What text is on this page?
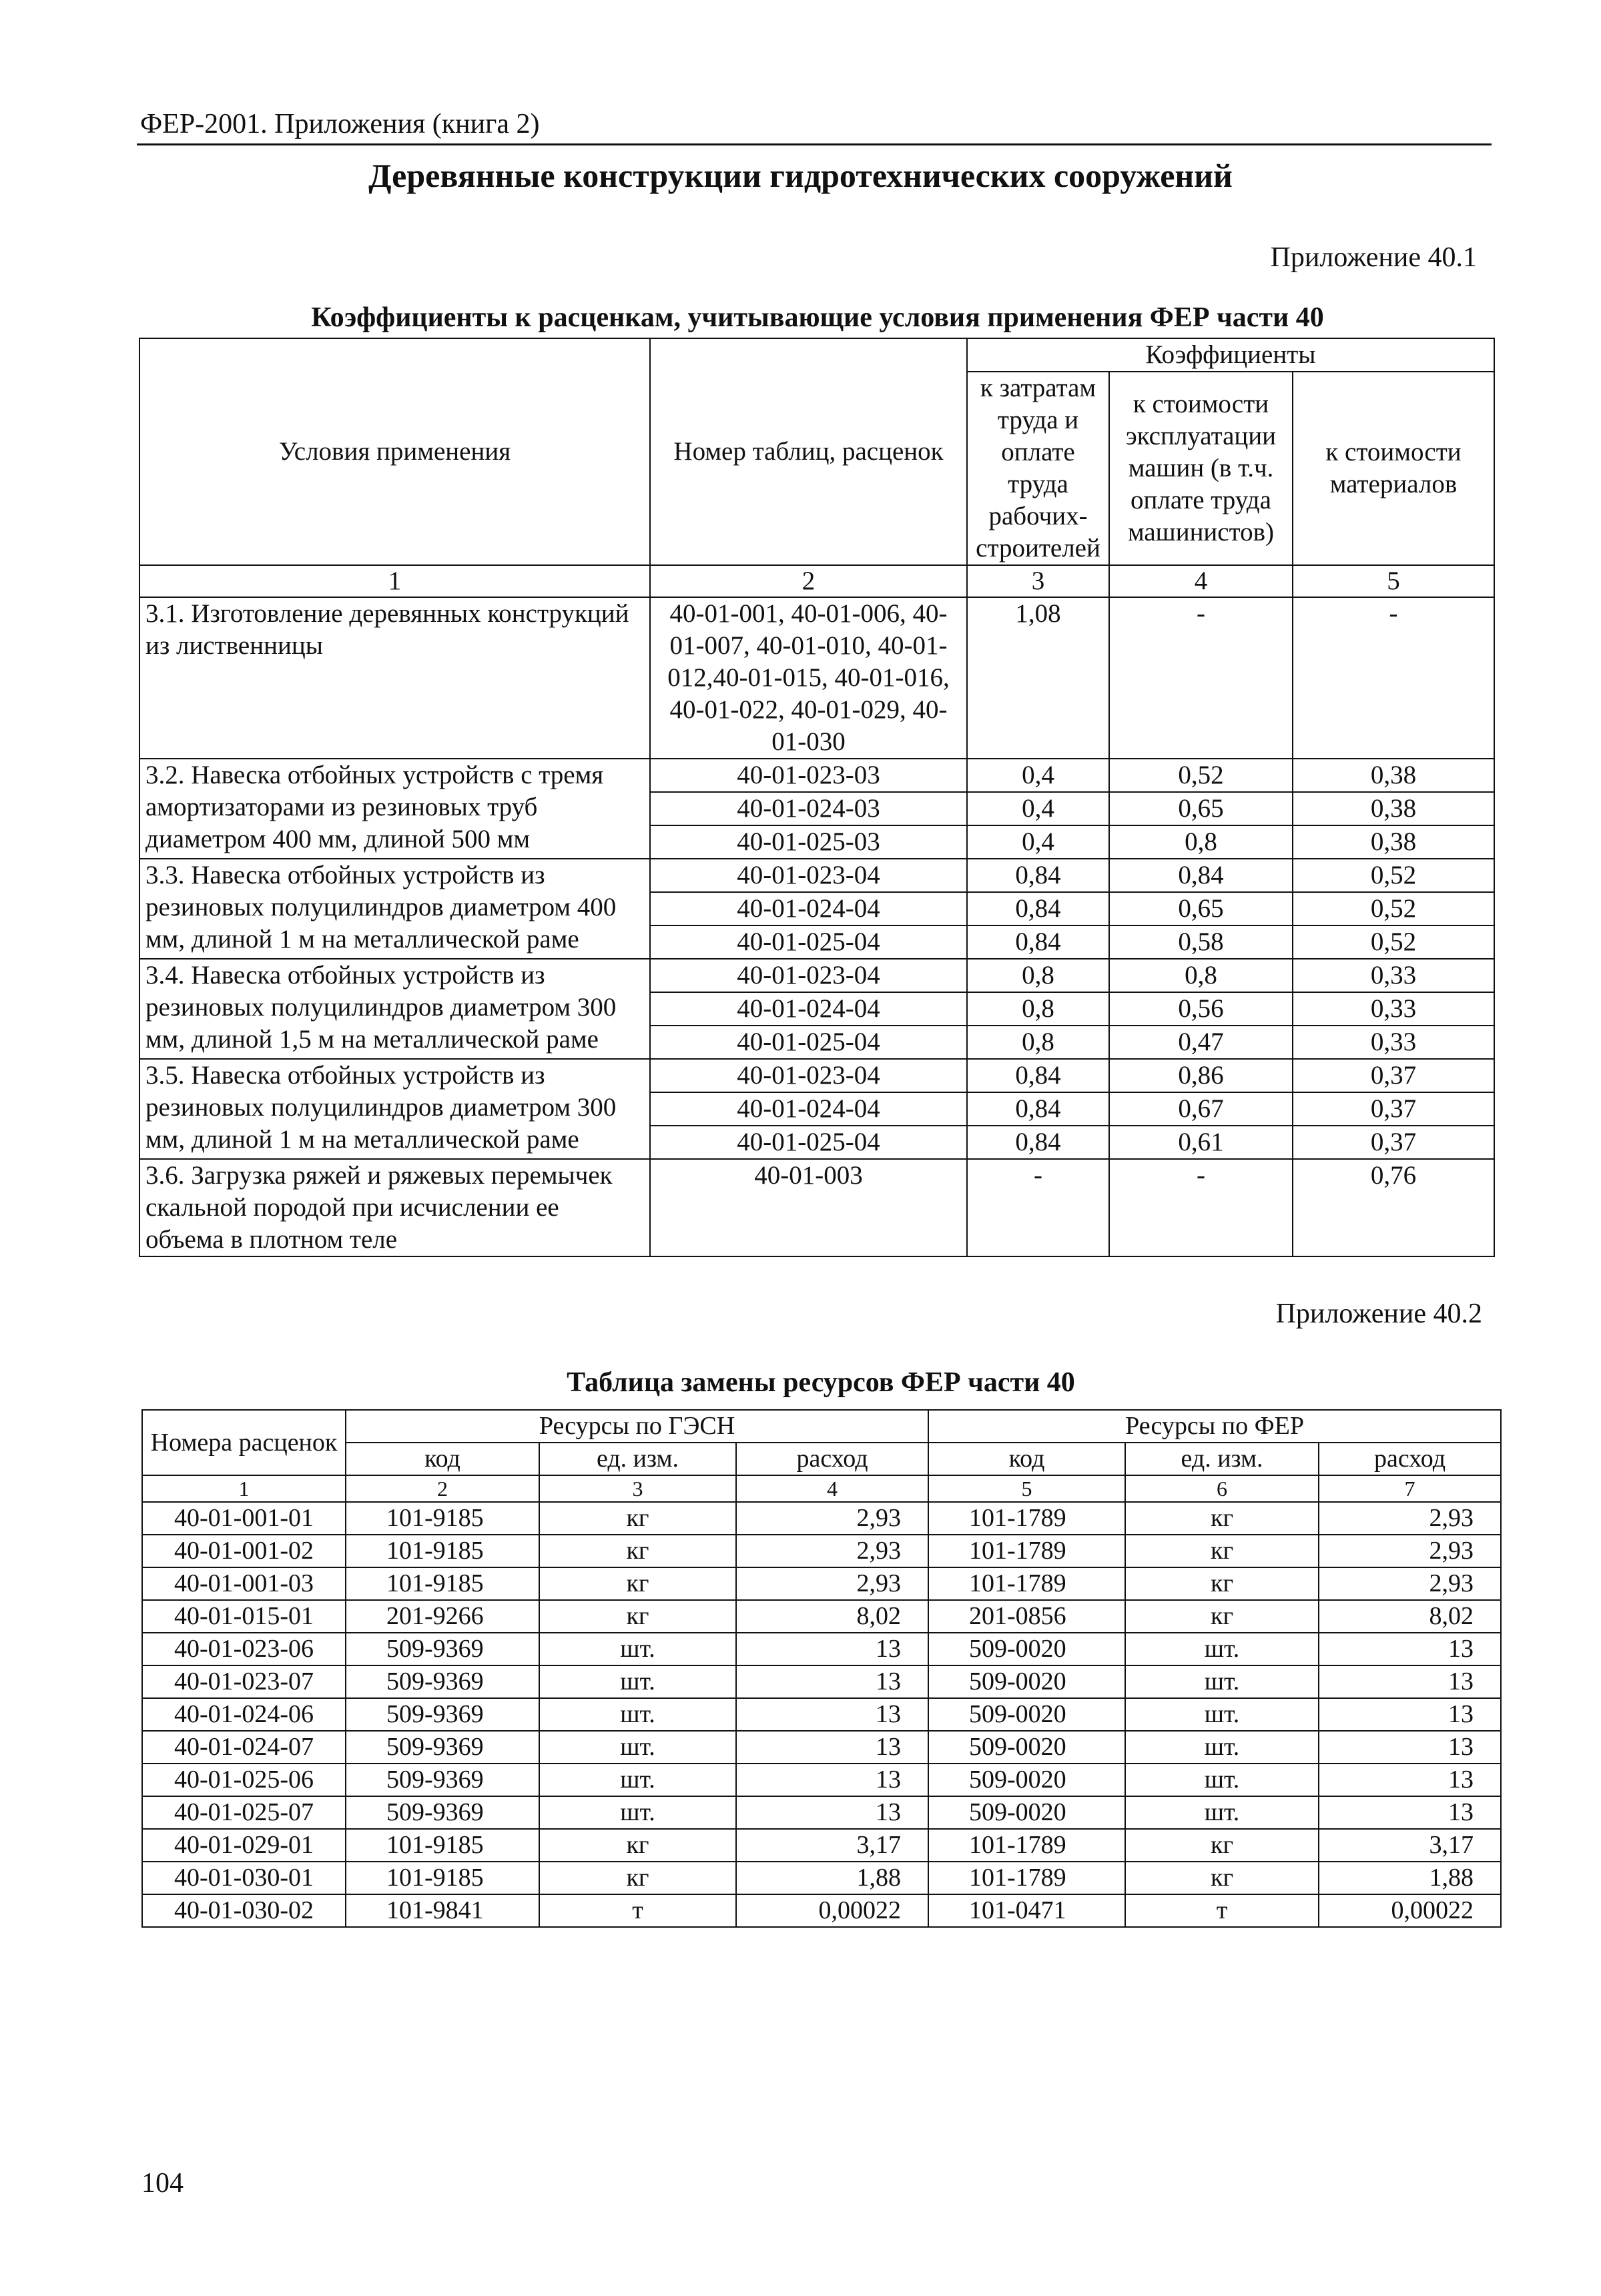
ФЕР-2001. Приложения (книга 2)
Деревянные конструкции гидротехнических сооружений
Приложение 40.1
Коэффициенты к расценкам, учитывающие условия применения ФЕР части 40
Условия применения	Номер таблиц, расценок	Коэффициенты		
		к затратам труда и оплате труда рабочих-строителей	к стоимости эксплуатации машин (в т.ч. оплате труда машинистов)	к стоимости материалов
1	2	3	4	5
3.1. Изготовление деревянных конструкций из лиственницы	40-01-001, 40-01-006, 40-01-007, 40-01-010, 40-01-012,40-01-015, 40-01-016, 40-01-022, 40-01-029, 40-01-030	1,08	-	-
3.2. Навеска отбойных устройств с тремя амортизаторами из резиновых труб диаметром 400 мм, длиной 500 мм	40-01-023-03	0,4	0,52	0,38
	40-01-024-03	0,4	0,65	0,38
	40-01-025-03	0,4	0,8	0,38
3.3. Навеска отбойных устройств из резиновых полуцилиндров диаметром 400 мм, длиной 1 м на металлической раме	40-01-023-04	0,84	0,84	0,52
	40-01-024-04	0,84	0,65	0,52
	40-01-025-04	0,84	0,58	0,52
3.4. Навеска отбойных устройств из резиновых полуцилиндров диаметром 300 мм, длиной 1,5 м на металлической раме	40-01-023-04	0,8	0,8	0,33
	40-01-024-04	0,8	0,56	0,33
	40-01-025-04	0,8	0,47	0,33
3.5. Навеска отбойных устройств из резиновых полуцилиндров диаметром 300 мм, длиной 1 м на металлической раме	40-01-023-04	0,84	0,86	0,37
	40-01-024-04	0,84	0,67	0,37
	40-01-025-04	0,84	0,61	0,37
3.6. Загрузка ряжей и ряжевых перемычек скальной породой при исчислении ее объема в плотном теле	40-01-003	-	-	0,76
Приложение 40.2
Таблица замены ресурсов ФЕР части 40
Номера расценок	Ресурсы по ГЭСН			Ресурсы по ФЕР		
	код	ед. изм.	расход	код	ед. изм.	расход
1	2	3	4	5	6	7
40-01-001-01	101-9185	кг	2,93	101-1789	кг	2,93
40-01-001-02	101-9185	кг	2,93	101-1789	кг	2,93
40-01-001-03	101-9185	кг	2,93	101-1789	кг	2,93
40-01-015-01	201-9266	кг	8,02	201-0856	кг	8,02
40-01-023-06	509-9369	шт.	13	509-0020	шт.	13
40-01-023-07	509-9369	шт.	13	509-0020	шт.	13
40-01-024-06	509-9369	шт.	13	509-0020	шт.	13
40-01-024-07	509-9369	шт.	13	509-0020	шт.	13
40-01-025-06	509-9369	шт.	13	509-0020	шт.	13
40-01-025-07	509-9369	шт.	13	509-0020	шт.	13
40-01-029-01	101-9185	кг	3,17	101-1789	кг	3,17
40-01-030-01	101-9185	кг	1,88	101-1789	кг	1,88
40-01-030-02	101-9841	т	0,00022	101-0471	т	0,00022
104
